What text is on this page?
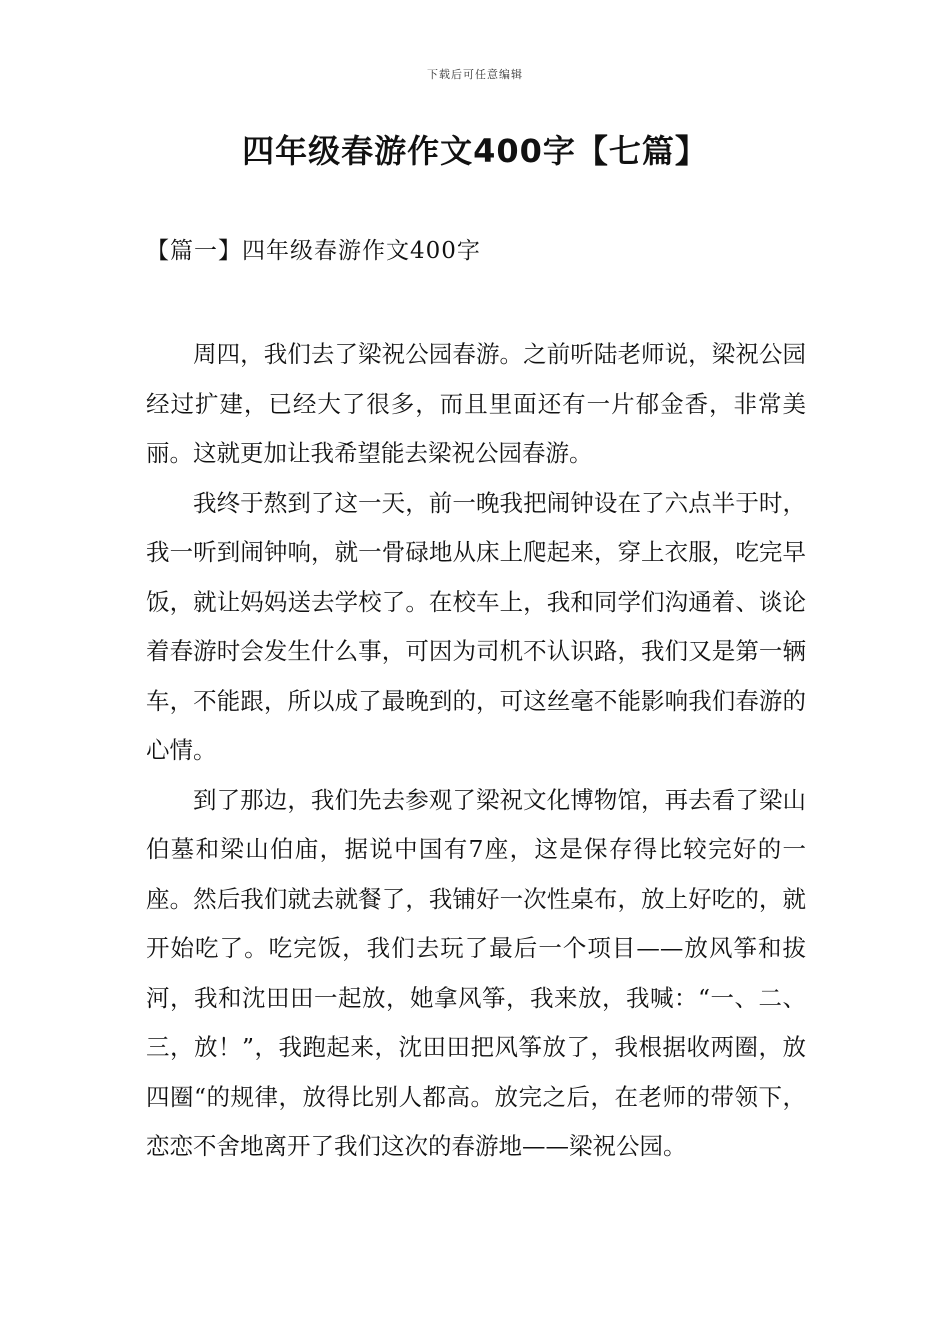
下载后可任意编辑
四年级春游作文400字【七篇】
【篇一】四年级春游作文400字

周四，我们去了梁祝公园春游。之前听陆老师说，梁祝公园经过扩建，已经大了很多，而且里面还有一片郁金香，非常美丽。这就更加让我希望能去梁祝公园春游。

我终于熬到了这一天，前一晚我把闹钟设在了六点半于时，我一听到闹钟响，就一骨碌地从床上爬起来，穿上衣服，吃完早饭，就让妈妈送去学校了。在校车上，我和同学们沟通着、谈论着春游时会发生什么事，可因为司机不认识路，我们又是第一辆车，不能跟，所以成了最晚到的，可这丝毫不能影响我们春游的心情。

到了那边，我们先去参观了梁祝文化博物馆，再去看了梁山伯墓和梁山伯庙，据说中国有7座，这是保存得比较完好的一座。然后我们就去就餐了，我铺好一次性桌布，放上好吃的，就开始吃了。吃完饭，我们去玩了最后一个项目——放风筝和拔河，我和沈田田一起放，她拿风筝，我来放，我喊：“一、二、三，放！”，我跑起来，沈田田把风筝放了，我根据收两圈，放四圈“的规律，放得比别人都高。放完之后，在老师的带领下，恋恋不舍地离开了我们这次的春游地——梁祝公园。
